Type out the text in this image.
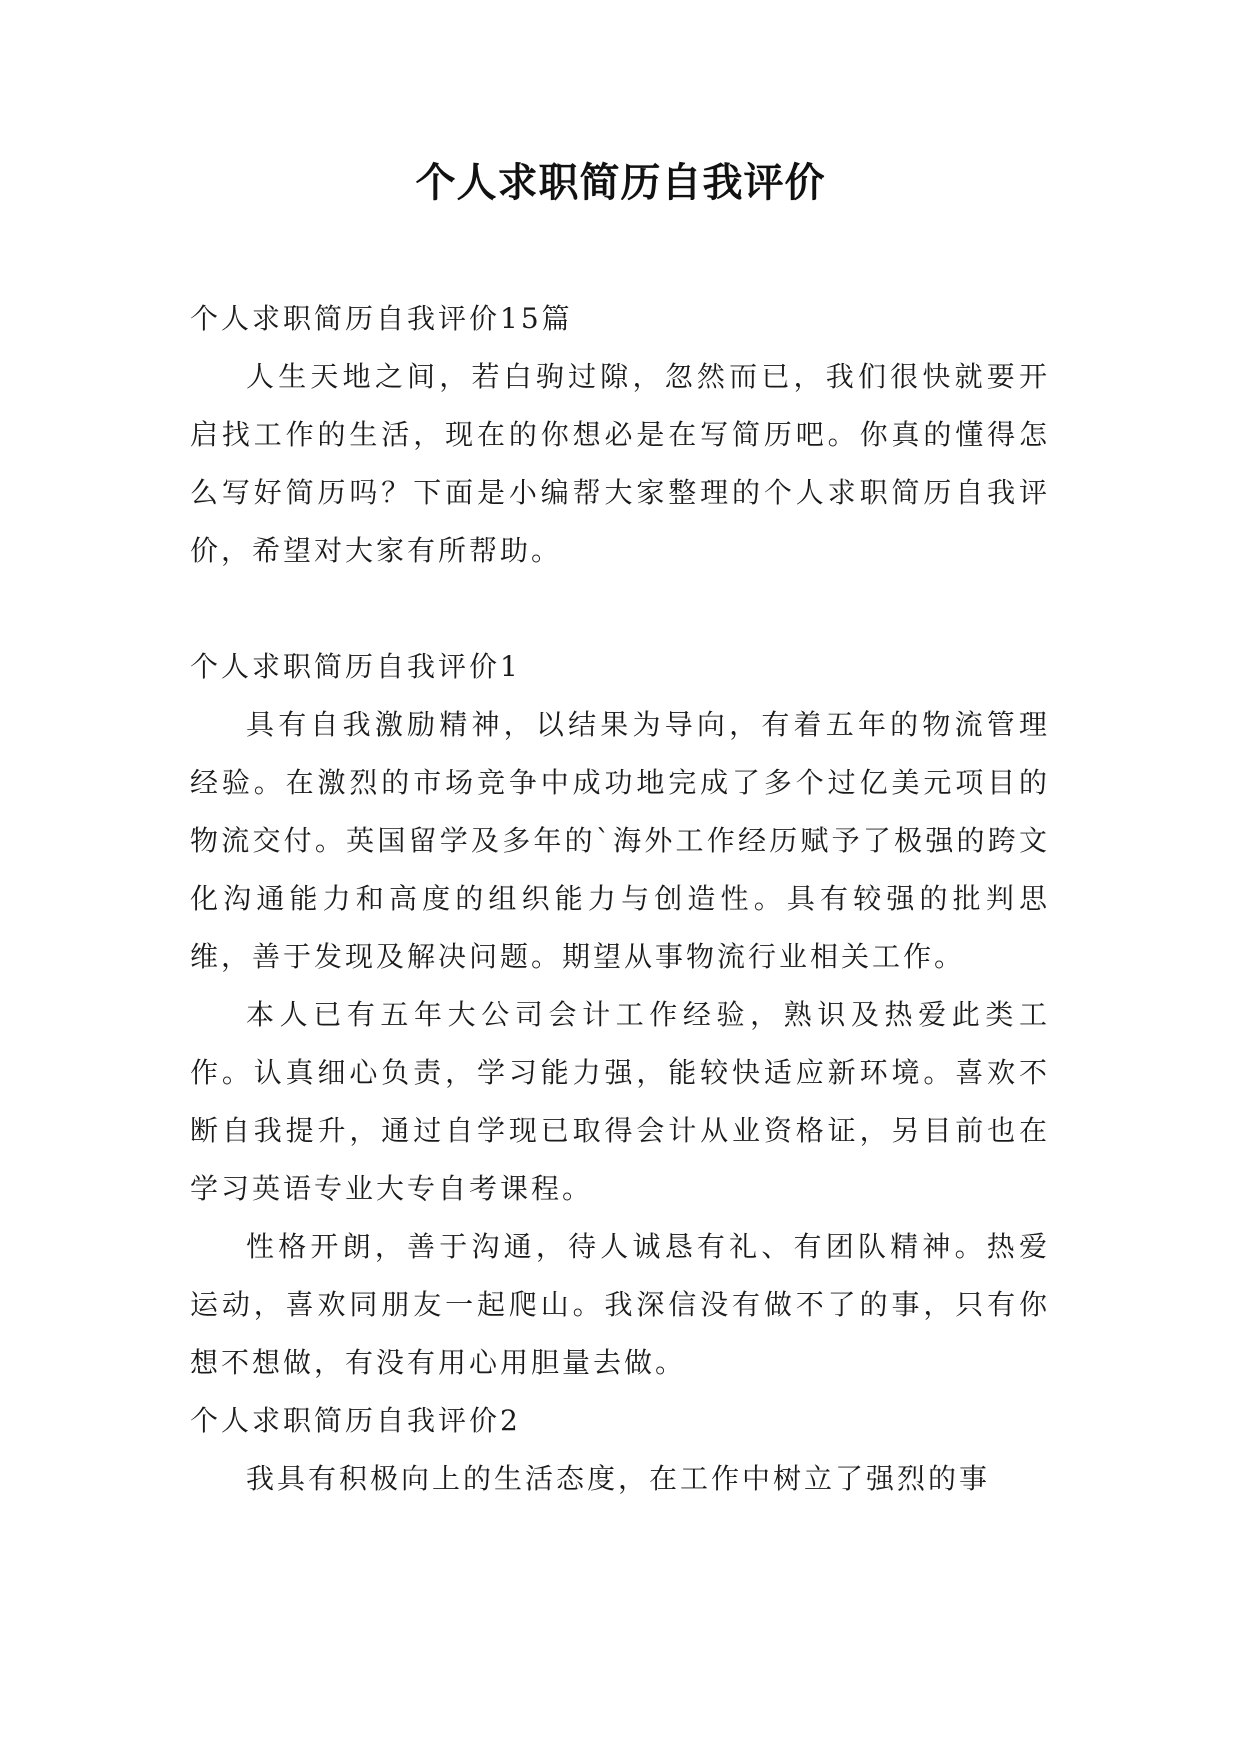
个人求职简历自我评价

个人求职简历自我评价15篇

人生天地之间，若白驹过隙，忽然而已，我们很快就要开启找工作的生活，现在的你想必是在写简历吧。你真的懂得怎么写好简历吗？下面是小编帮大家整理的个人求职简历自我评价，希望对大家有所帮助。

个人求职简历自我评价1

具有自我激励精神，以结果为导向，有着五年的物流管理经验。在激烈的市场竞争中成功地完成了多个过亿美元项目的物流交付。英国留学及多年的`海外工作经历赋予了极强的跨文化沟通能力和高度的组织能力与创造性。具有较强的批判思维，善于发现及解决问题。期望从事物流行业相关工作。

本人已有五年大公司会计工作经验，熟识及热爱此类工作。认真细心负责，学习能力强，能较快适应新环境。喜欢不断自我提升，通过自学现已取得会计从业资格证，另目前也在学习英语专业大专自考课程。

性格开朗，善于沟通，待人诚恳有礼、有团队精神。热爱运动，喜欢同朋友一起爬山。我深信没有做不了的事，只有你想不想做，有没有用心用胆量去做。

个人求职简历自我评价2

我具有积极向上的生活态度，在工作中树立了强烈的事
